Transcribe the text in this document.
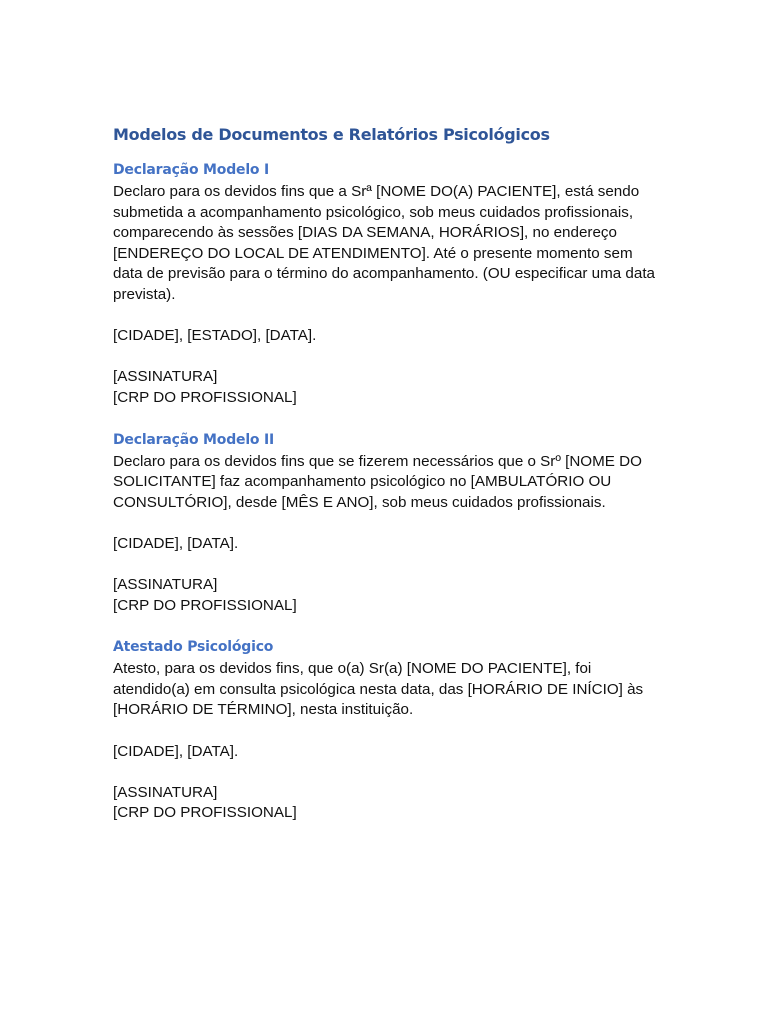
Modelos de Documentos e Relatórios Psicológicos
Declaração Modelo I

Declaro para os devidos fins que a Srª [NOME DO(A) PACIENTE], está sendo submetida a acompanhamento psicológico, sob meus cuidados profissionais, comparecendo às sessões [DIAS DA SEMANA, HORÁRIOS], no endereço [ENDEREÇO DO LOCAL DE ATENDIMENTO]. Até o presente momento sem data de previsão para o término do acompanhamento. (OU especificar uma data prevista).

[CIDADE], [ESTADO], [DATA].

[ASSINATURA]
[CRP DO PROFISSIONAL]
Declaração Modelo II

Declaro para os devidos fins que se fizerem necessários que o Srº [NOME DO SOLICITANTE] faz acompanhamento psicológico no [AMBULATÓRIO OU CONSULTÓRIO], desde [MÊS E ANO], sob meus cuidados profissionais.

[CIDADE], [DATA].

[ASSINATURA]
[CRP DO PROFISSIONAL]
Atestado Psicológico

Atesto, para os devidos fins, que o(a) Sr(a) [NOME DO PACIENTE], foi atendido(a) em consulta psicológica nesta data, das [HORÁRIO DE INÍCIO] às [HORÁRIO DE TÉRMINO], nesta instituição.

[CIDADE], [DATA].

[ASSINATURA]
[CRP DO PROFISSIONAL]
